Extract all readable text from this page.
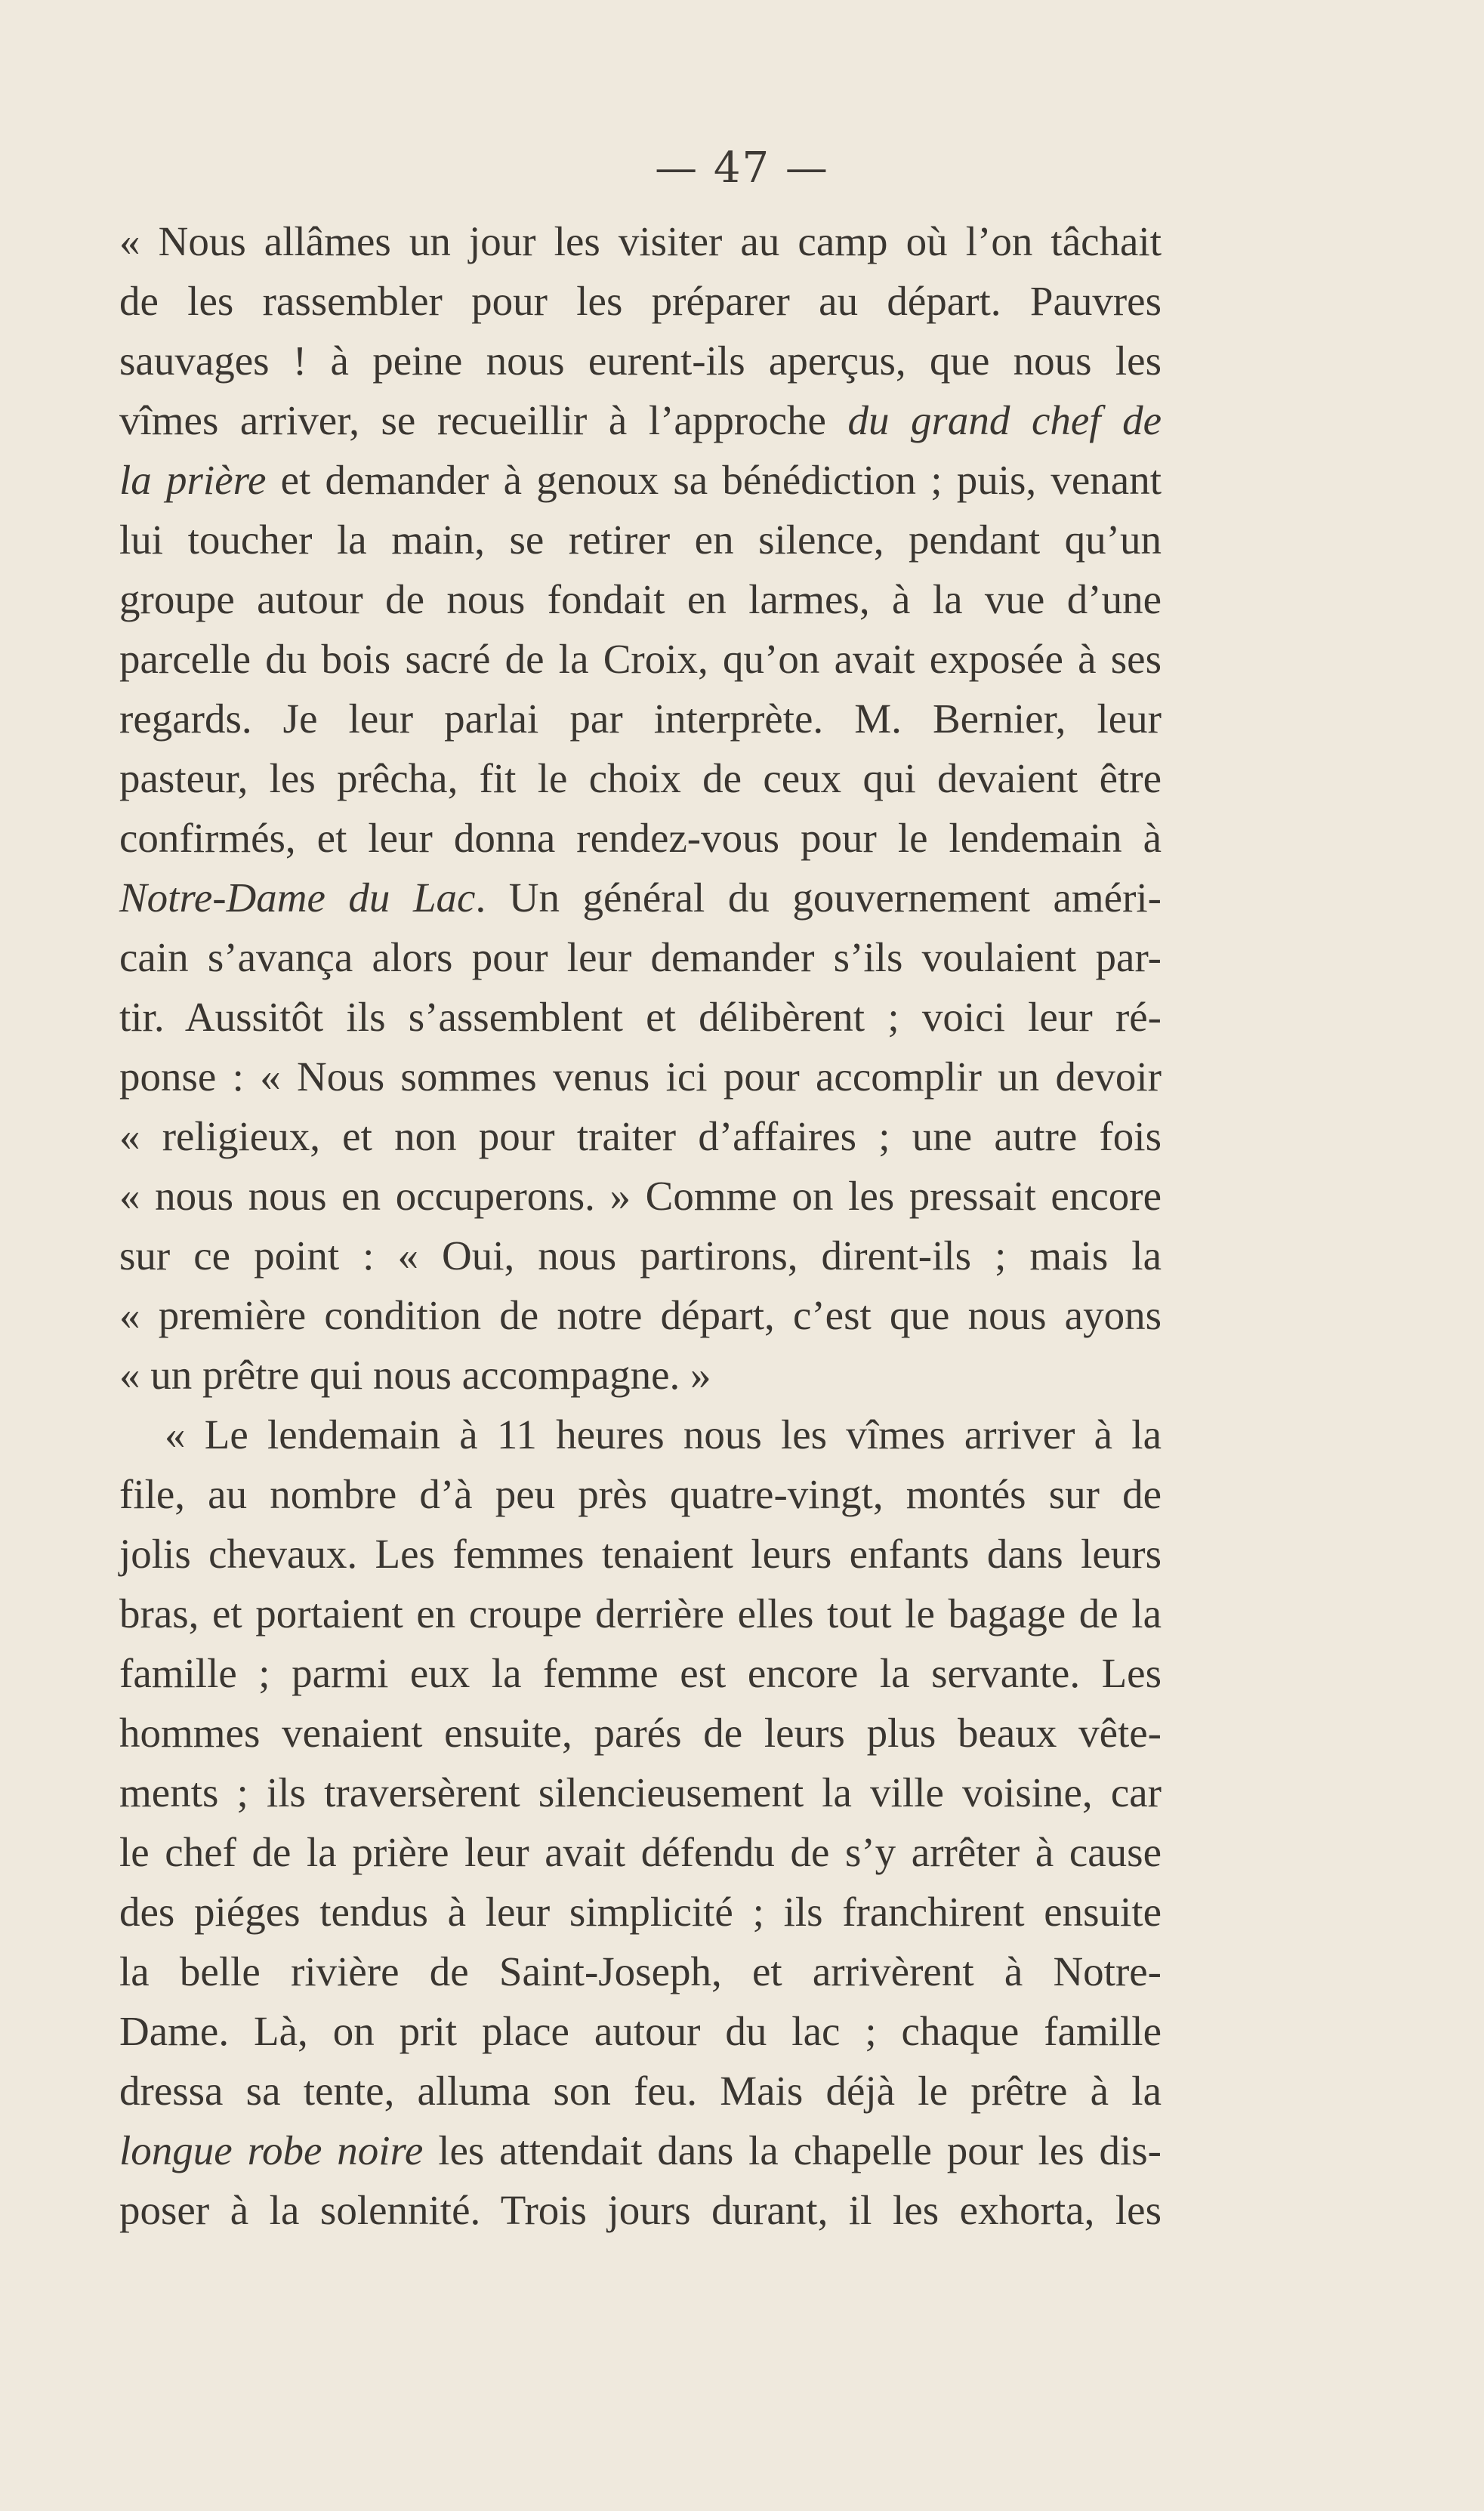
— 47 —

« Nous allâmes un jour les visiter au camp où l’on tâchait
de les rassembler pour les préparer au départ. Pauvres
sauvages ! à peine nous eurent-ils aperçus, que nous les
vîmes arriver, se recueillir à l’approche du grand chef de
la prière et demander à genoux sa bénédiction ; puis, venant
lui toucher la main, se retirer en silence, pendant qu’un
groupe autour de nous fondait en larmes, à la vue d’une
parcelle du bois sacré de la Croix, qu’on avait exposée à ses
regards. Je leur parlai par interprète. M. Bernier, leur
pasteur, les prêcha, fit le choix de ceux qui devaient être
confirmés, et leur donna rendez-vous pour le lendemain à
Notre-Dame du Lac. Un général du gouvernement améri-
cain s’avança alors pour leur demander s’ils voulaient par-
tir. Aussitôt ils s’assemblent et délibèrent ; voici leur ré-
ponse : « Nous sommes venus ici pour accomplir un devoir
« religieux, et non pour traiter d’affaires ; une autre fois
« nous nous en occuperons. » Comme on les pressait encore
sur ce point : « Oui, nous partirons, dirent-ils ; mais la
« première condition de notre départ, c’est que nous ayons
« un prêtre qui nous accompagne. »
« Le lendemain à 11 heures nous les vîmes arriver à la
file, au nombre d’à peu près quatre-vingt, montés sur de
jolis chevaux. Les femmes tenaient leurs enfants dans leurs
bras, et portaient en croupe derrière elles tout le bagage de la
famille ; parmi eux la femme est encore la servante. Les
hommes venaient ensuite, parés de leurs plus beaux vête-
ments ; ils traversèrent silencieusement la ville voisine, car
le chef de la prière leur avait défendu de s’y arrêter à cause
des piéges tendus à leur simplicité ; ils franchirent ensuite
la belle rivière de Saint-Joseph, et arrivèrent à Notre-
Dame. Là, on prit place autour du lac ; chaque famille
dressa sa tente, alluma son feu. Mais déjà le prêtre à la
longue robe noire les attendait dans la chapelle pour les dis-
poser à la solennité. Trois jours durant, il les exhorta, les
